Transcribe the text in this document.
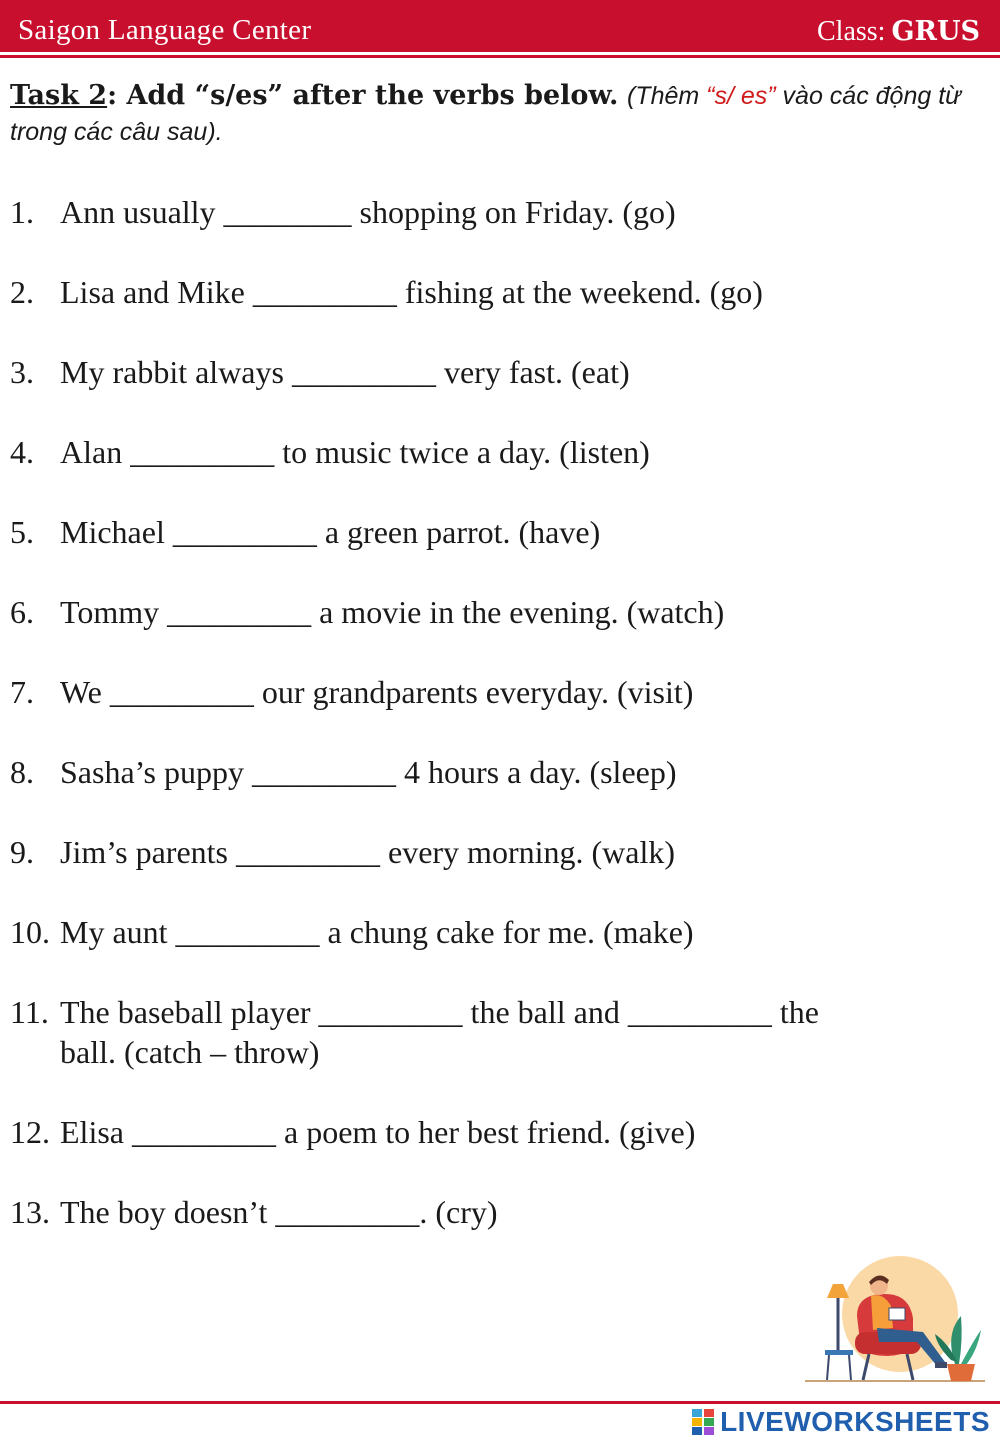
Saigon Language Center	Class: GRUS
Task 2: Add “s/es” after the verbs below. (Thêm “s/ es” vào các động từ trong các câu sau).
1. Ann usually ________ shopping on Friday. (go)
2. Lisa and Mike _________ fishing at the weekend. (go)
3. My rabbit always _________ very fast. (eat)
4. Alan _________ to music twice a day. (listen)
5. Michael _________ a green parrot. (have)
6. Tommy _________ a movie in the evening. (watch)
7. We _________ our grandparents everyday. (visit)
8. Sasha’s puppy _________ 4 hours a day. (sleep)
9. Jim’s parents _________ every morning. (walk)
10. My aunt _________ a chung cake for me. (make)
11. The baseball player _________ the ball and _________ the
ball. (catch – throw)
12. Elisa _________ a poem to her best friend. (give)
13. The boy doesn’t _________. (cry)
LIVEWORKSHEETS
